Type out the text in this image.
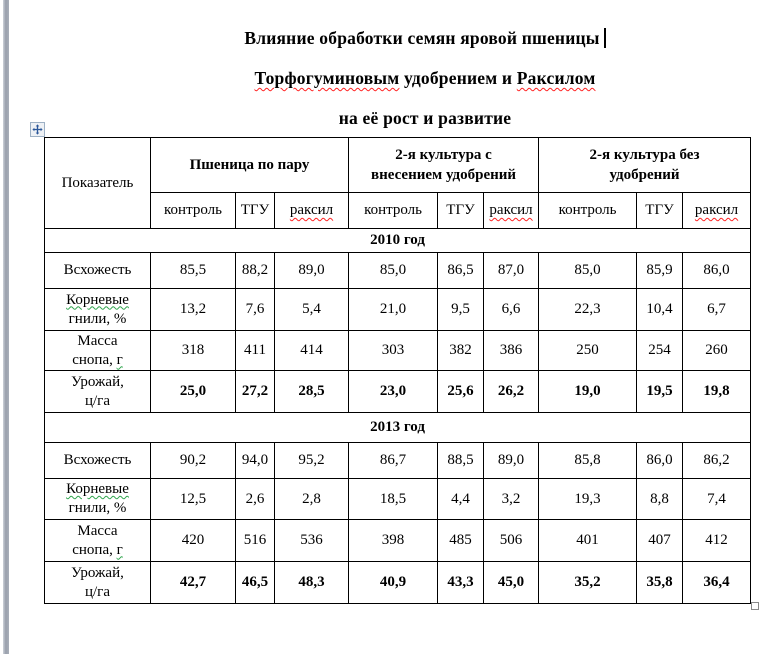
Влияние обработки семян яровой пшеницы
Торфогуминовым удобрением и Раксилом
на её рост и развитие
Показатель	Пшеница по пару			2-я культура с внесением удобрений			2-я культура без удобрений		
	контроль	ТГУ	раксил	контроль	ТГУ	раксил	контроль	ТГУ	раксил
2010 год									

Всхожесть	85,5	88,2	89,0	85,0	86,5	87,0	85,0	85,9	86,0

Корневые
гнили, %	13,2	7,6	5,4	21,0	9,5	6,6	22,3	10,4	6,7

Масса
снопа, г	318	411	414	303	382	386	250	254	260

Урожай,
ц/га	25,0	27,2	28,5	23,0	25,6	26,2	19,0	19,5	19,8
2013 год									

Всхожесть	90,2	94,0	95,2	86,7	88,5	89,0	85,8	86,0	86,2

Корневые
гнили, %	12,5	2,6	2,8	18,5	4,4	3,2	19,3	8,8	7,4

Масса
снопа, г	420	516	536	398	485	506	401	407	412

Урожай,
ц/га	42,7	46,5	48,3	40,9	43,3	45,0	35,2	35,8	36,4
